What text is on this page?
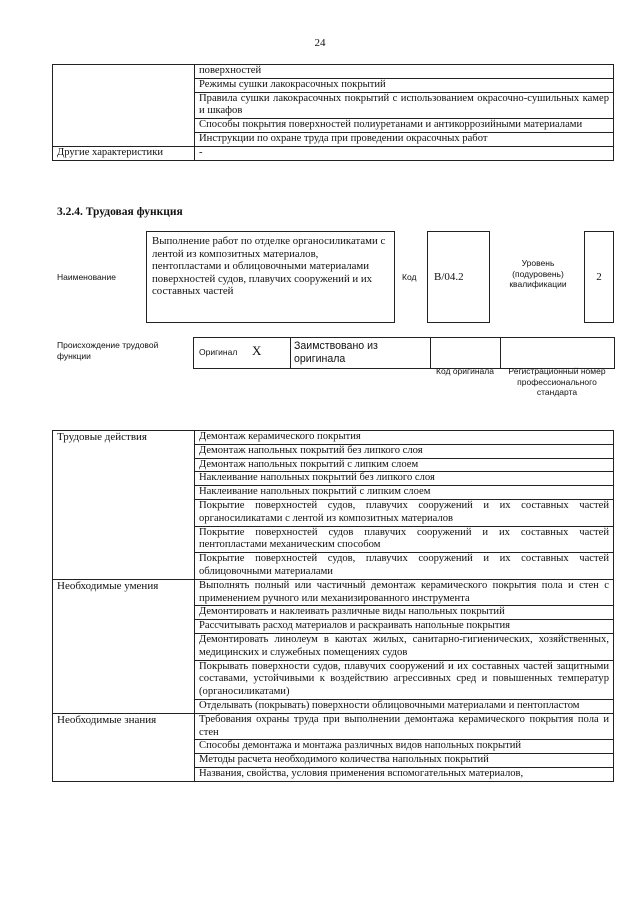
24
	поверхностей
	Режимы сушки лакокрасочных покрытий
	Правила сушки лакокрасочных покрытий с использованием окрасочно-сушильных камер и шкафов
	Способы покрытия поверхностей полиуретанами и антикоррозийными материалами
	Инструкции по охране труда при проведении окрасочных работ
Другие характеристики	-
3.2.4. Трудовая функция
Наименование
Выполнение работ по отделке органосиликатами с лентой из композитных материалов, пентопластами и облицовочными материалами поверхностей судов, плавучих сооружений и их составных частей
Код B/04.2
Уровень (подуровень) квалификации
2
Происхождение трудовой функции	Оригинал X	Заимствовано из оригинала		
Код оригинала	Регистрационный номер профессионального стандарта
Трудовые действия	Демонтаж керамического покрытия
	Демонтаж напольных покрытий без липкого слоя
	Демонтаж напольных покрытий с липким слоем
	Наклеивание напольных покрытий без липкого слоя
	Наклеивание напольных покрытий с липким слоем
	Покрытие поверхностей судов, плавучих сооружений и их составных частей органосиликатами с лентой из композитных материалов
	Покрытие поверхностей судов плавучих сооружений и их составных частей пентопластами механическим способом
	Покрытие поверхностей судов, плавучих сооружений и их составных частей облицовочными материалами
Необходимые умения	Выполнять полный или частичный демонтаж керамического покрытия пола и стен с применением ручного или механизированного инструмента
	Демонтировать и наклеивать различные виды напольных покрытий
	Рассчитывать расход материалов и раскраивать напольные покрытия
	Демонтировать линолеум в каютах жилых, санитарно-гигиенических, хозяйственных, медицинских и служебных помещениях судов
	Покрывать поверхности судов, плавучих сооружений и их составных частей защитными составами, устойчивыми к воздействию агрессивных сред и повышенных температур (органосиликатами)
	Отделывать (покрывать) поверхности облицовочными материалами и пентопластом
Необходимые знания	Требования охраны труда при выполнении демонтажа керамического покрытия пола и стен
	Способы демонтажа и монтажа различных видов напольных покрытий
	Методы расчета необходимого количества напольных покрытий
	Названия, свойства, условия применения вспомогательных материалов,
